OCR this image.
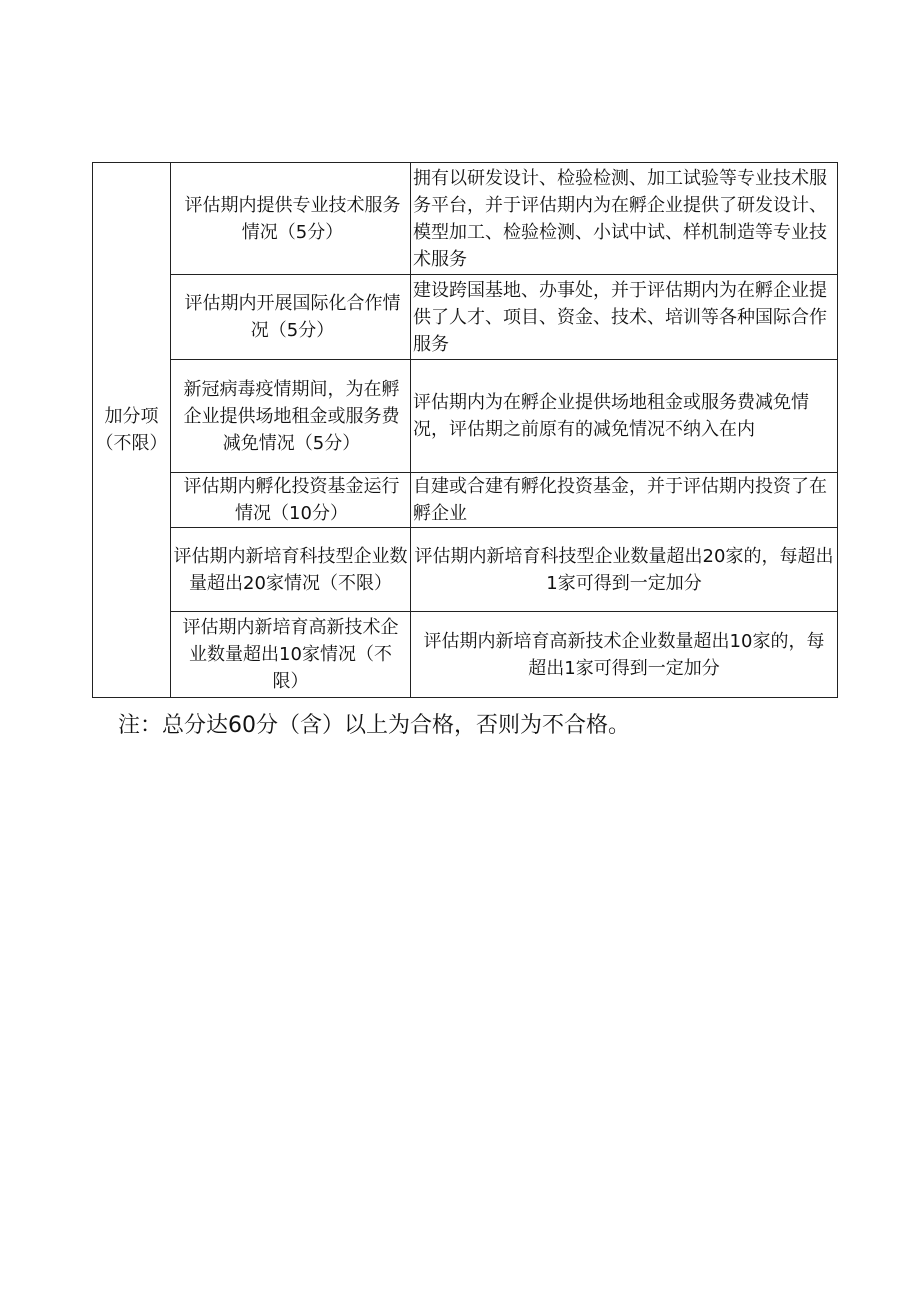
加分项（不限）	评估期内提供专业技术服务情况（5分）	拥有以研发设计、检验检测、加工试验等专业技术服务平台，并于评估期内为在孵企业提供了研发设计、模型加工、检验检测、小试中试、样机制造等专业技术服务
	评估期内开展国际化合作情况（5分）	建设跨国基地、办事处，并于评估期内为在孵企业提供了人才、项目、资金、技术、培训等各种国际合作服务
	新冠病毒疫情期间，为在孵企业提供场地租金或服务费减免情况（5分）	评估期内为在孵企业提供场地租金或服务费减免情况，评估期之前原有的减免情况不纳入在内
	评估期内孵化投资基金运行情况（10分）	自建或合建有孵化投资基金，并于评估期内投资了在孵企业
	评估期内新培育科技型企业数量超出20家情况（不限）	评估期内新培育科技型企业数量超出20家的，每超出1家可得到一定加分
	评估期内新培育高新技术企业数量超出10家情况（不限）	评估期内新培育高新技术企业数量超出10家的，每超出1家可得到一定加分
注：总分达60分（含）以上为合格，否则为不合格。
